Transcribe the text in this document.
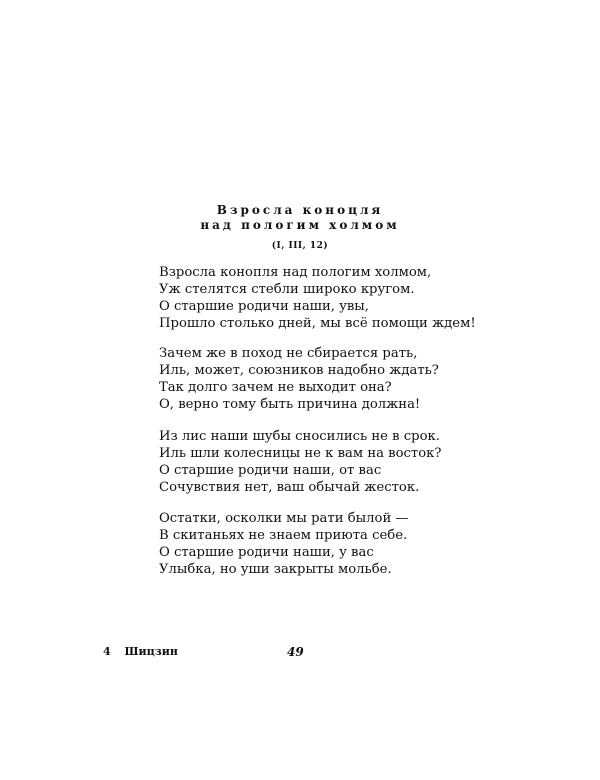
Взросла коноцля
над пологим холмом
(I, III, 12)
Взросла конопля над пологим холмом,
Уж стелятся стебли широко кругом.
О старшие родичи наши, увы,
Прошло столько дней, мы всё помощи ждем!
Зачем же в поход не сбирается рать,
Иль, может, союзников надобно ждать?
Так долго зачем не выходит она?
О, верно тому быть причина должна!
Из лис наши шубы сносились не в срок.
Иль шли колесницы не к вам на восток?
О старшие родичи наши, от вас
Сочувствия нет, ваш обычай жесток.
Остатки, осколки мы рати былой —
В скитаньях не знаем приюта себе.
О старшие родичи наши, у вас
Улыбка, но уши закрыты мольбе.
4 Шицзин	49
